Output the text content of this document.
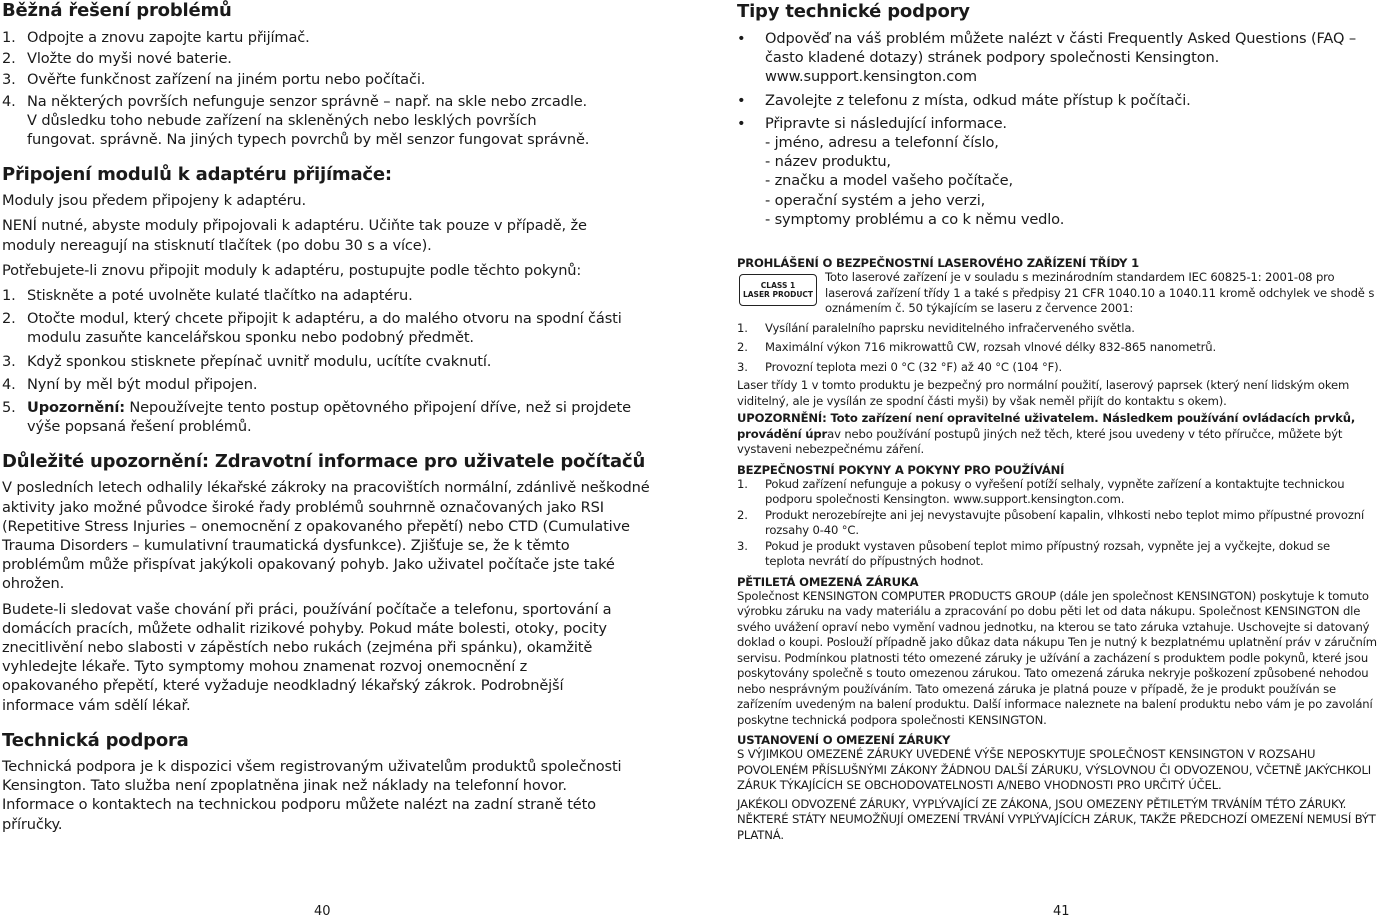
Běžná řešení problémů
1. Odpojte a znovu zapojte kartu přijímač.
2. Vložte do myši nové baterie.
3. Ověřte funkčnost zařízení na jiném portu nebo počítači.
4. Na některých površích nefunguje senzor správně – např. na skle nebo zrcadle. V důsledku toho nebude zařízení na skleněných nebo lesklých površích fungovat. správně. Na jiných typech povrchů by měl senzor fungovat správně.
Připojení modulů k adaptéru přijímače:

Moduly jsou předem připojeny k adaptéru.

NENÍ nutné, abyste moduly připojovali k adaptéru. Učiňte tak pouze v případě, že moduly nereagují na stisknutí tlačítek (po dobu 30 s a více).

Potřebujete-li znovu připojit moduly k adaptéru, postupujte podle těchto pokynů:

1. Stiskněte a poté uvolněte kulaté tlačítko na adaptéru.
2. Otočte modul, který chcete připojit k adaptéru, a do malého otvoru na spodní části modulu zasuňte kancelářskou sponku nebo podobný předmět.
3. Když sponkou stisknete přepínač uvnitř modulu, ucítíte cvaknutí.
4. Nyní by měl být modul připojen.
5. Upozornění: Nepoužívejte tento postup opětovného připojení dříve, než si projdete výše popsaná řešení problémů.
Důležité upozornění: Zdravotní informace pro uživatele počítačů

V posledních letech odhalily lékařské zákroky na pracovištích normální, zdánlivě neškodné aktivity jako možné původce široké řady problémů souhrnně označovaných jako RSI (Repetitive Stress Injuries – onemocnění z opakovaného přepětí) nebo CTD (Cumulative Trauma Disorders – kumulativní traumatická dysfunkce). Zjišťuje se, že k těmto problémům může přispívat jakýkoli opakovaný pohyb. Jako uživatel počítače jste také ohrožen.

Budete-li sledovat vaše chování při práci, používání počítače a telefonu, sportování a domácích pracích, můžete odhalit rizikové pohyby. Pokud máte bolesti, otoky, pocity znecitlivění nebo slabosti v zápěstích nebo rukách (zejména při spánku), okamžitě vyhledejte lékaře. Tyto symptomy mohou znamenat rozvoj onemocnění z opakovaného přepětí, které vyžaduje neodkladný lékařský zákrok. Podrobnější informace vám sdělí lékař.

Technická podpora

Technická podpora je k dispozici všem registrovaným uživatelům produktů společnosti Kensington. Tato služba není zpoplatněna jinak než náklady na telefonní hovor. Informace o kontaktech na technickou podporu můžete nalézt na zadní straně této příručky.

40
Tipy technické podpory
• Odpověď na váš problém můžete nalézt v části Frequently Asked Questions (FAQ – často kladené dotazy) stránek podpory společnosti Kensington. www.support.kensington.com
• Zavolejte z telefonu z místa, odkud máte přístup k počítači.
• Připravte si následující informace.
- jméno, adresu a telefonní číslo,
- název produktu,
- značku a model vašeho počítače,
- operační systém a jeho verzi,
- symptomy problému a co k němu vedlo.
PROHLÁŠENÍ O BEZPEČNOSTNÍ LASEROVÉHO ZAŘÍZENÍ TŘÍDY 1
CLASS 1
LASER PRODUCT

Toto laserové zařízení je v souladu s mezinárodním standardem IEC 60825-1: 2001-08 pro laserová zařízení třídy 1 a také s předpisy 21 CFR 1040.10 a 1040.11 kromě odchylek ve shodě s oznámením č. 50 týkajícím se laseru z července 2001:

1. Vysílání paralelního paprsku neviditelného infračerveného světla.
2. Maximální výkon 716 mikrowattů CW, rozsah vlnové délky 832-865 nanometrů.
3. Provozní teplota mezi 0 °C (32 °F) až 40 °C (104 °F).

Laser třídy 1 v tomto produktu je bezpečný pro normální použití, laserový paprsek (který není lidským okem viditelný, ale je vysílán ze spodní části myši) by však neměl přijít do kontaktu s okem).

UPOZORNĚNÍ: Toto zařízení není opravitelné uživatelem. Následkem používání ovládacích prvků, provádění úprav nebo používání postupů jiných než těch, které jsou uvedeny v této příručce, můžete být vystaveni nebezpečnému záření.

BEZPEČNOSTNÍ POKYNY A POKYNY PRO POUŽÍVÁNÍ
1. Pokud zařízení nefunguje a pokusy o vyřešení potíží selhaly, vypněte zařízení a kontaktujte technickou podporu společnosti Kensington. www.support.kensington.com.
2. Produkt nerozebírejte ani jej nevystavujte působení kapalin, vlhkosti nebo teplot mimo přípustné provozní rozsahy 0-40 °C.
3. Pokud je produkt vystaven působení teplot mimo přípustný rozsah, vypněte jej a vyčkejte, dokud se teplota nevrátí do přípustných hodnot.
PĚTILETÁ OMEZENÁ ZÁRUKA

Společnost KENSINGTON COMPUTER PRODUCTS GROUP (dále jen společnost KENSINGTON) poskytuje k tomuto výrobku záruku na vady materiálu a zpracování po dobu pěti let od data nákupu. Společnost KENSINGTON dle svého uvážení opraví nebo vymění vadnou jednotku, na kterou se tato záruka vztahuje. Uschovejte si datovaný doklad o koupi. Poslouží případně jako důkaz data nákupu Ten je nutný k bezplatnému uplatnění práv v záručním servisu. Podmínkou platnosti této omezené záruky je užívání a zacházení s produktem podle pokynů, které jsou poskytovány společně s touto omezenou zárukou. Tato omezená záruka nekryje poškození způsobené nehodou nebo nesprávným používáním. Tato omezená záruka je platná pouze v případě, že je produkt používán se zařízením uvedeným na balení produktu. Další informace naleznete na balení produktu nebo vám je po zavolání poskytne technická podpora společnosti KENSINGTON.

USTANOVENÍ O OMEZENÍ ZÁRUKY

S VÝJIMKOU OMEZENÉ ZÁRUKY UVEDENÉ VÝŠE NEPOSKYTUJE SPOLEČNOST KENSINGTON V ROZSAHU POVOLENÉM PŘÍSLUŠNÝMI ZÁKONY ŽÁDNOU DALŠÍ ZÁRUKU, VÝSLOVNOU ČI ODVOZENOU, VČETNĚ JAKÝCHKOLI ZÁRUK TÝKAJÍCÍCH SE OBCHODOVATELNOSTI A/NEBO VHODNOSTI PRO URČITÝ ÚČEL.

JAKÉKOLI ODVOZENÉ ZÁRUKY, VYPLÝVAJÍCÍ ZE ZÁKONA, JSOU OMEZENY PĚTILETÝM TRVÁNÍM TÉTO ZÁRUKY. NĚKTERÉ STÁTY NEUMOŽŇUJÍ OMEZENÍ TRVÁNÍ VYPLÝVAJÍCÍCH ZÁRUK, TAKŽE PŘEDCHOZÍ OMEZENÍ NEMUSÍ BÝT PLATNÁ.

41
